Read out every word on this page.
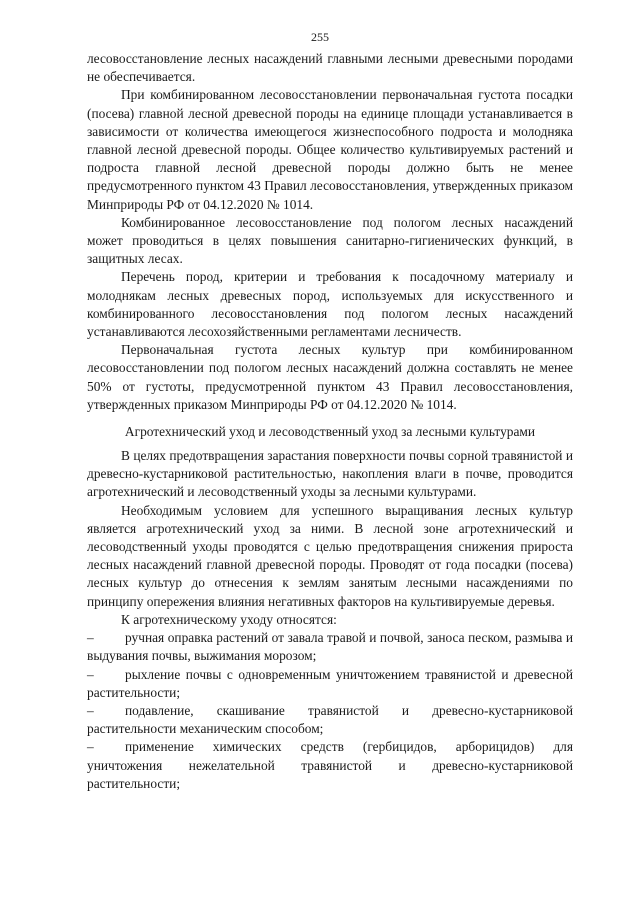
255

лесовосстановление лесных насаждений главными лесными древесными породами не обеспечивается.

При комбинированном лесовосстановлении первоначальная густота посадки (посева) главной лесной древесной породы на единице площади устанавливается в зависимости от количества имеющегося жизнеспособного подроста и молодняка главной лесной древесной породы. Общее количество культивируемых растений и подроста главной лесной древесной породы должно быть не менее предусмотренного пунктом 43 Правил лесовосстановления, утвержденных приказом Минприроды РФ от 04.12.2020 № 1014.

Комбинированное лесовосстановление под пологом лесных насаждений может проводиться в целях повышения санитарно-гигиенических функций, в защитных лесах.

Перечень пород, критерии и требования к посадочному материалу и молоднякам лесных древесных пород, используемых для искусственного и комбинированного лесовосстановления под пологом лесных насаждений устанавливаются лесохозяйственными регламентами лесничеств.

Первоначальная густота лесных культур при комбинированном лесовосстановлении под пологом лесных насаждений должна составлять не менее 50% от густоты, предусмотренной пунктом 43 Правил лесовосстановления, утвержденных приказом Минприроды РФ от 04.12.2020 № 1014.

Агротехнический уход и лесоводственный уход за лесными культурами

В целях предотвращения зарастания поверхности почвы сорной травянистой и древесно-кустарниковой растительностью, накопления влаги в почве, проводится агротехнический и лесоводственный уходы за лесными культурами.

Необходимым условием для успешного выращивания лесных культур является агротехнический уход за ними. В лесной зоне агротехнический и лесоводственный уходы проводятся с целью предотвращения снижения прироста лесных насаждений главной древесной породы. Проводят от года посадки (посева) лесных культур до отнесения к землям занятым лесными насаждениями по принципу опережения влияния негативных факторов на культивируемые деревья.

К агротехническому уходу относятся:

– ручная оправка растений от завала травой и почвой, заноса песком, размыва и выдувания почвы, выжимания морозом;

– рыхление почвы с одновременным уничтожением травянистой и древесной растительности;

– подавление, скашивание травянистой и древесно-кустарниковой растительности механическим способом;

– применение химических средств (гербицидов, арборицидов) для уничтожения нежелательной травянистой и древесно-кустарниковой растительности;
